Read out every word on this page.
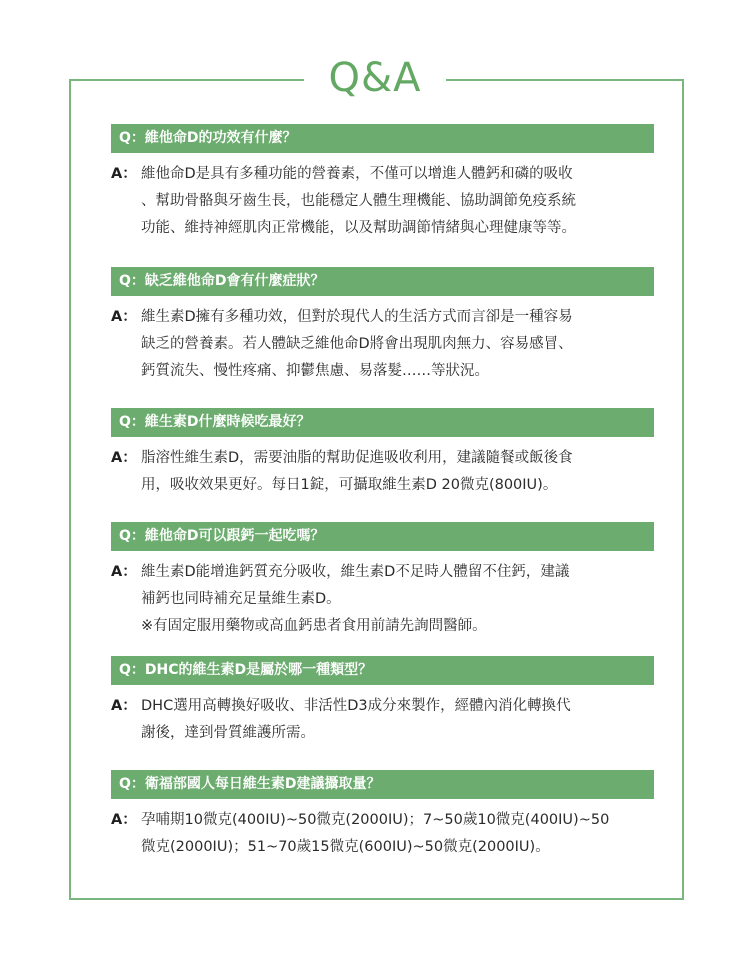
Q&A
Q：維他命D的功效有什麼？
A： 維他命D是具有多種功能的營養素，不僅可以增進人體鈣和磷的吸收
、幫助骨骼與牙齒生長，也能穩定人體生理機能、協助調節免疫系統
功能、維持神經肌肉正常機能，以及幫助調節情緒與心理健康等等。
Q：缺乏維他命D會有什麼症狀？
A： 維生素D擁有多種功效，但對於現代人的生活方式而言卻是一種容易
缺乏的營養素。若人體缺乏維他命D將會出現肌肉無力、容易感冒、
鈣質流失、慢性疼痛、抑鬱焦慮、易落髮……等狀況。
Q：維生素D什麼時候吃最好？
A： 脂溶性維生素D，需要油脂的幫助促進吸收利用，建議隨餐或飯後食
用，吸收效果更好。每日1錠，可攝取維生素D 20微克(800IU)。
Q：維他命D可以跟鈣一起吃嗎？
A： 維生素D能增進鈣質充分吸收，維生素D不足時人體留不住鈣，建議
補鈣也同時補充足量維生素D。
※有固定服用藥物或高血鈣患者食用前請先詢問醫師。
Q：DHC的維生素D是屬於哪一種類型？
A： DHC選用高轉換好吸收、非活性D3成分來製作，經體內消化轉換代
謝後，達到骨質維護所需。
Q：衛福部國人每日維生素D建議攝取量？
A： 孕哺期10微克(400IU)~50微克(2000IU)；7~50歲10微克(400IU)~50
微克(2000IU)；51~70歲15微克(600IU)~50微克(2000IU)。
